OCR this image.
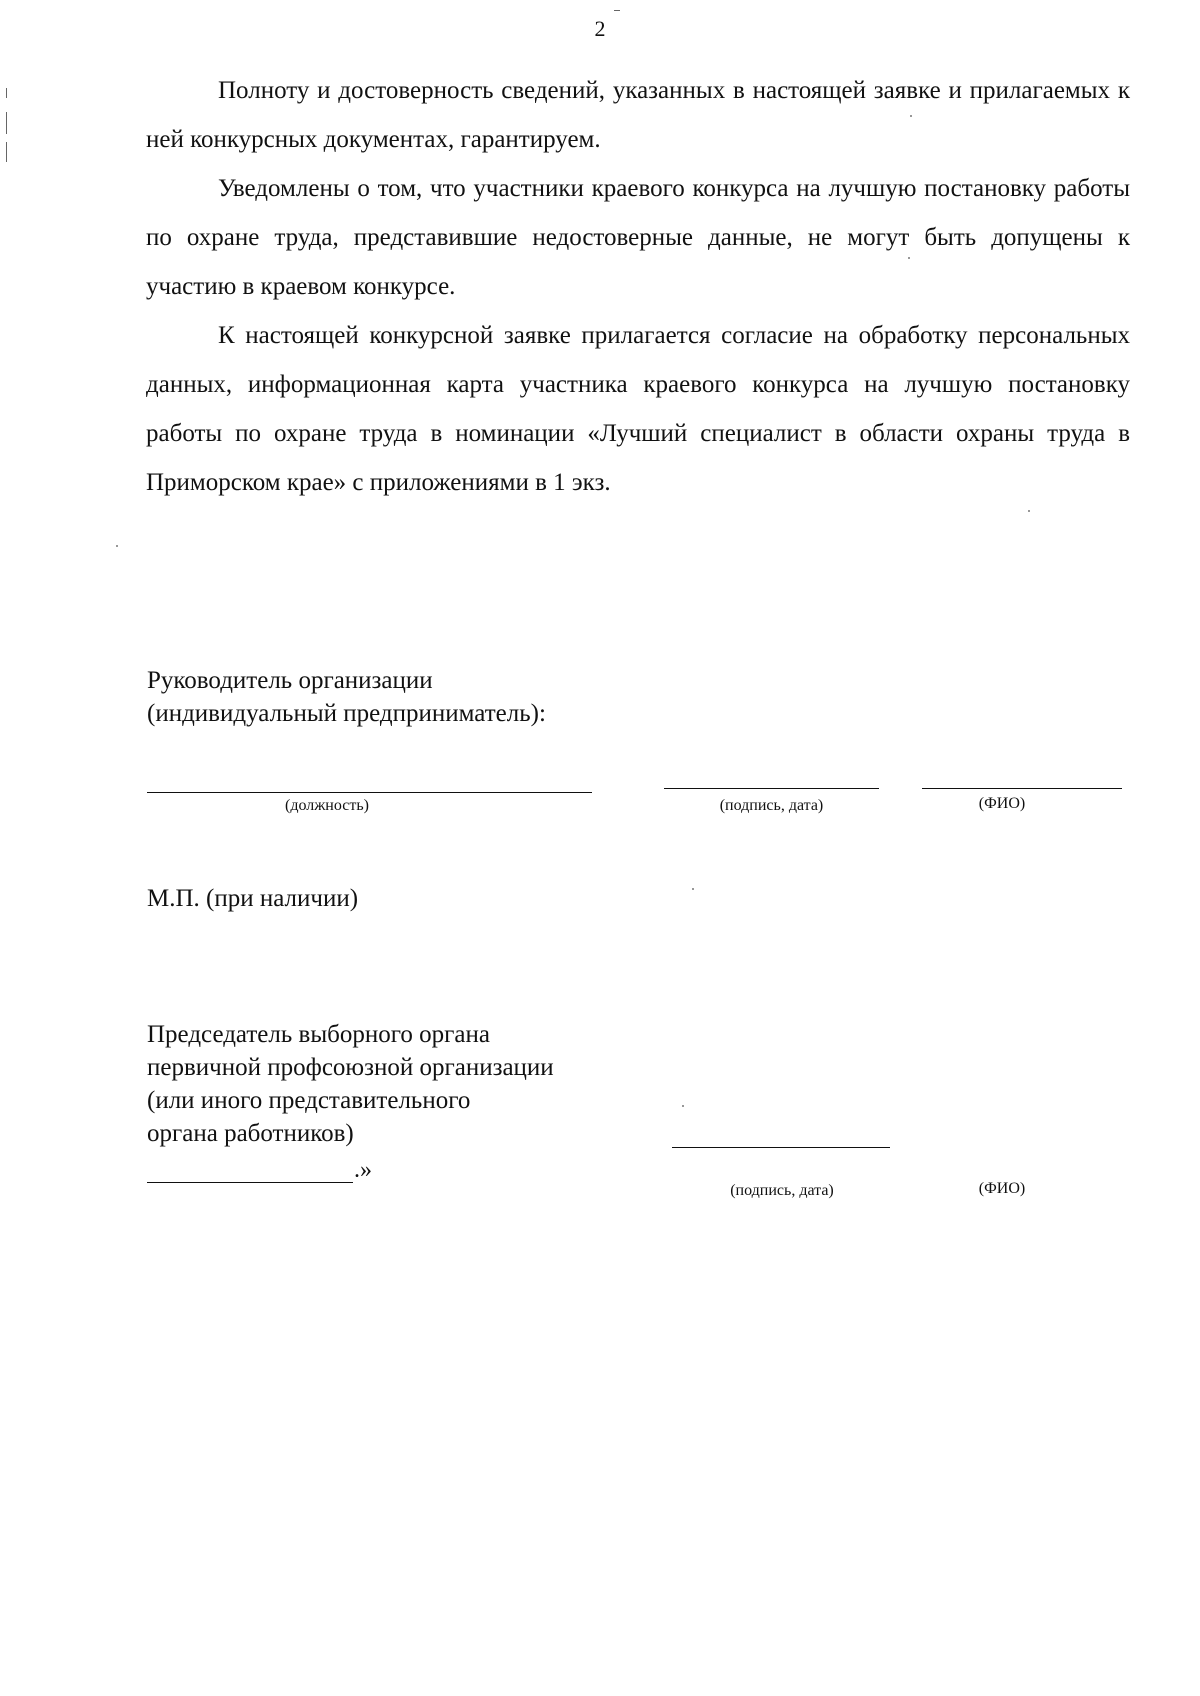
2

Полноту и достоверность сведений, указанных в настоящей заявке и прилагаемых к ней конкурсных документах, гарантируем.

Уведомлены о том, что участники краевого конкурса на лучшую постановку работы по охране труда, представившие недостоверные данные, не могут быть допущены к участию в краевом конкурсе.

К настоящей конкурсной заявке прилагается согласие на обработку персональных данных, информационная карта участника краевого конкурса на лучшую постановку работы по охране труда в номинации «Лучший специалист в области охраны труда в Приморском крае» с приложениями в 1 экз.

Руководитель организации
(индивидуальный предприниматель):
(должность)	(подпись, дата)	(ФИО)
М.П. (при наличии)
Председатель выборного органа
первичной профсоюзной организации
(или иного представительного
органа работников)
.»
(подпись, дата)	(ФИО)
